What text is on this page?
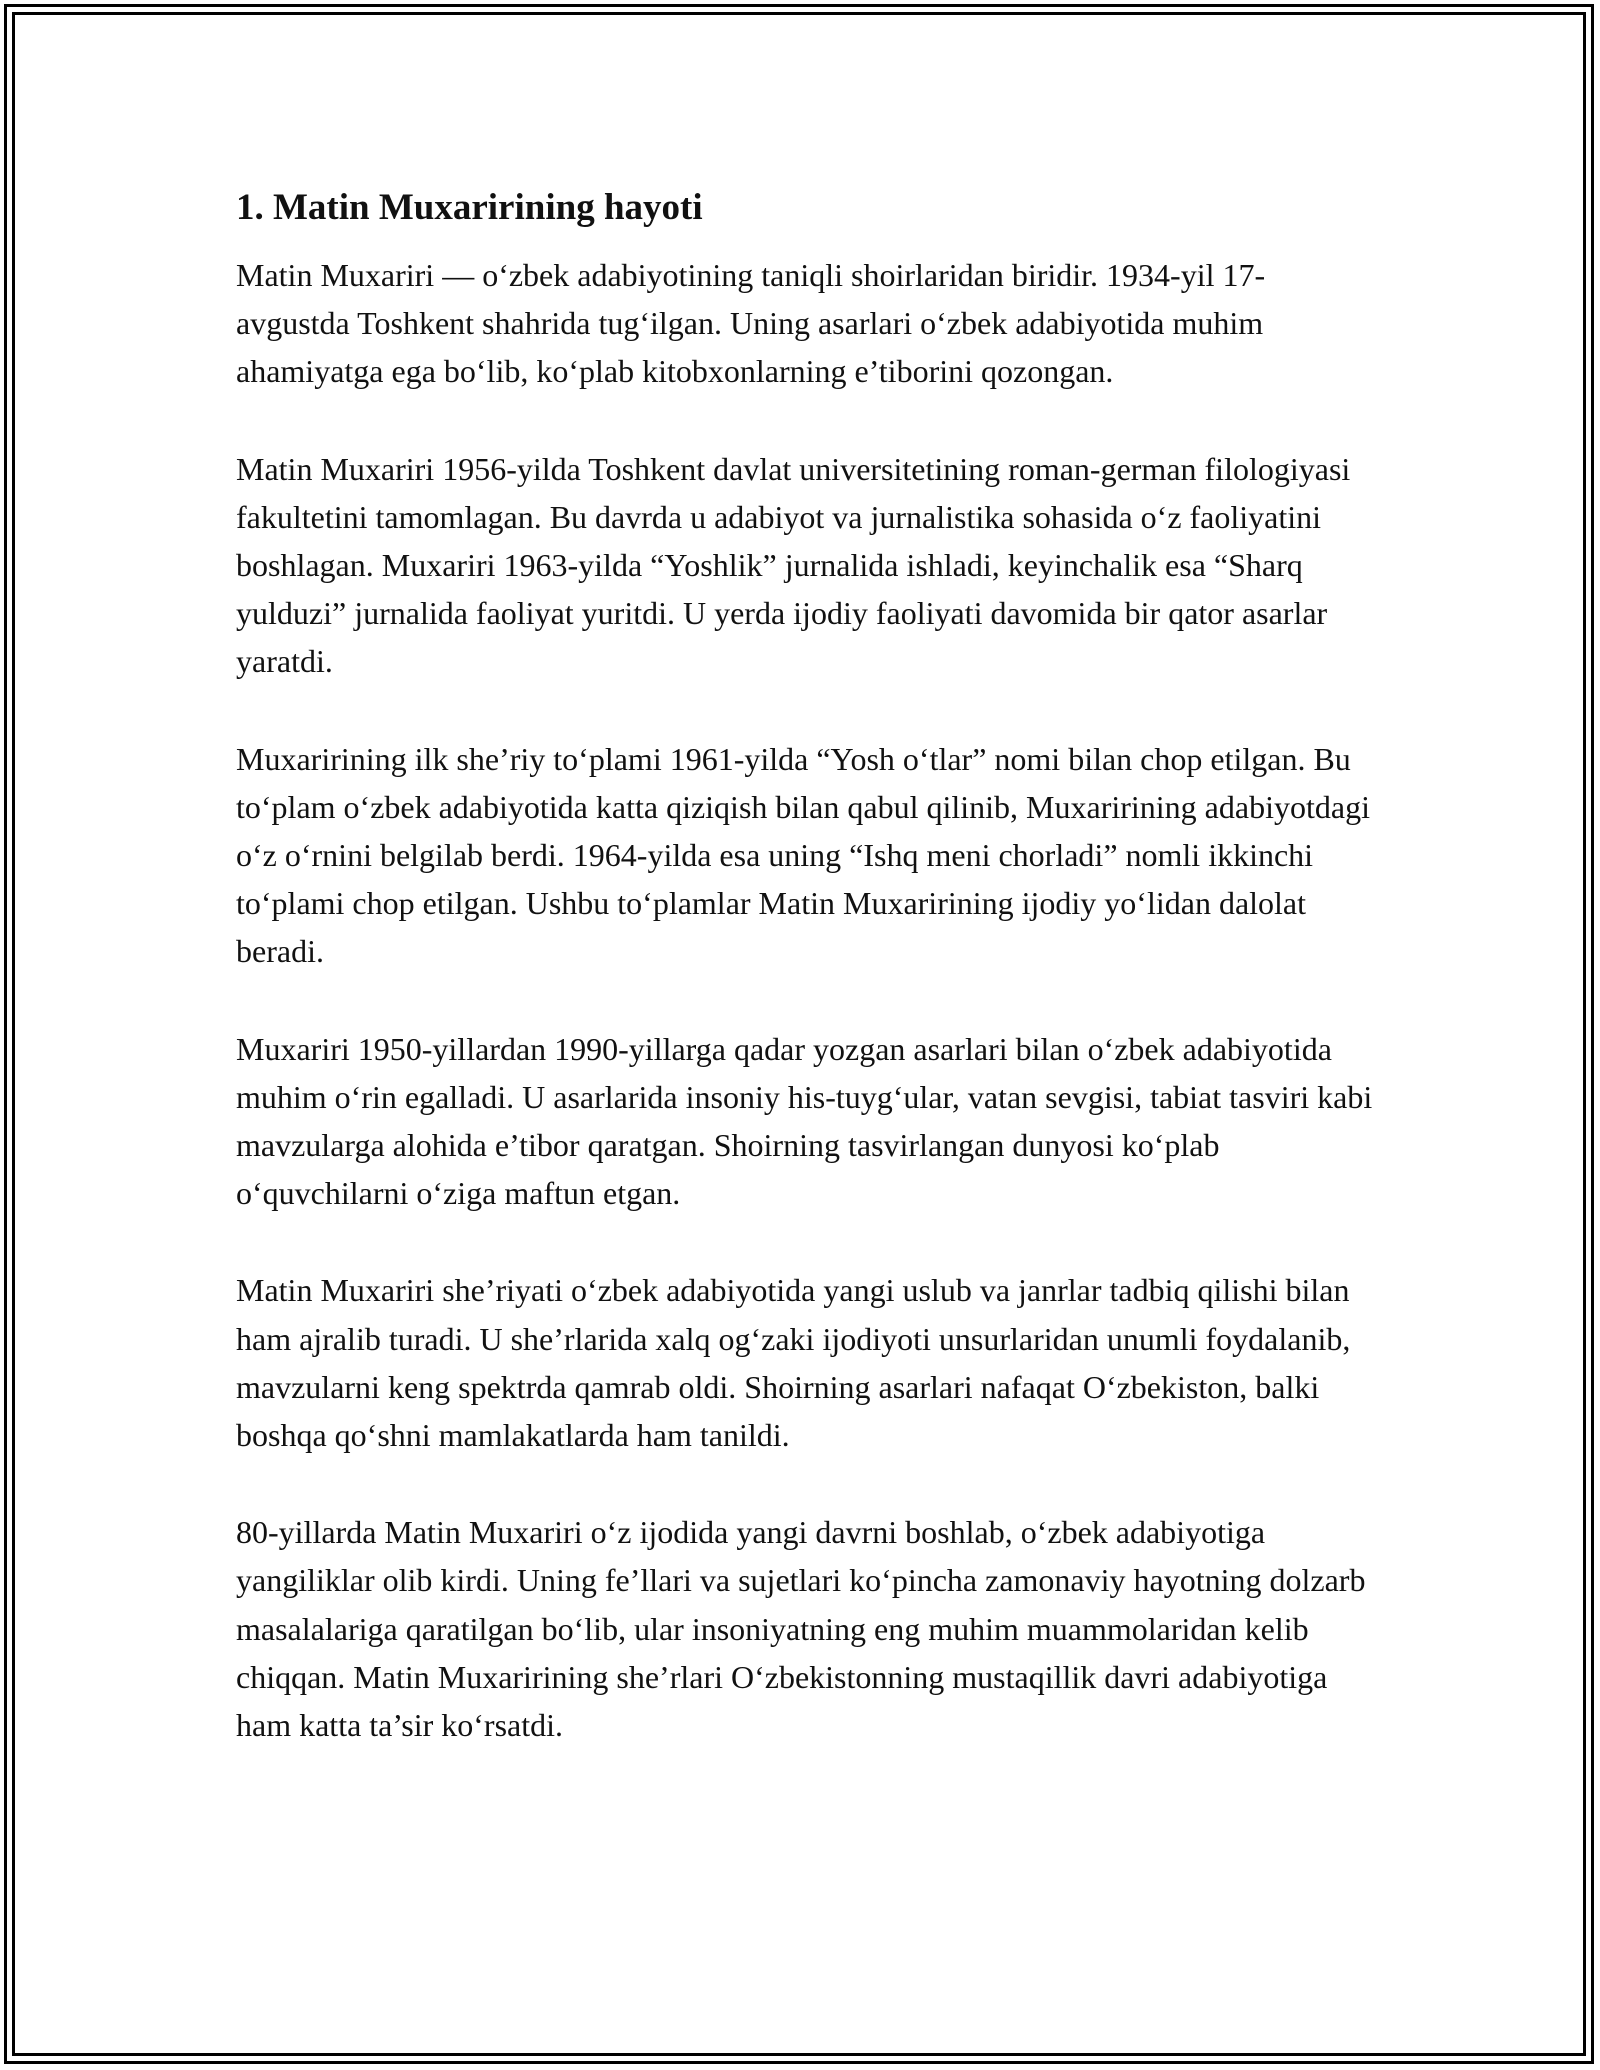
1. Matin Muxaririning hayoti

Matin Muxariri — o‘zbek adabiyotining taniqli shoirlaridan biridir. 1934-yil 17-avgustda Toshkent shahrida tug‘ilgan. Uning asarlari o‘zbek adabiyotida muhim ahamiyatga ega bo‘lib, ko‘plab kitobxonlarning e’tiborini qozongan.

Matin Muxariri 1956-yilda Toshkent davlat universitetining roman-german filologiyasi fakultetini tamomlagan. Bu davrda u adabiyot va jurnalistika sohasida o‘z faoliyatini boshlagan. Muxariri 1963-yilda “Yoshlik” jurnalida ishladi, keyinchalik esa “Sharq yulduzi” jurnalida faoliyat yuritdi. U yerda ijodiy faoliyati davomida bir qator asarlar yaratdi.

Muxaririning ilk she’riy to‘plami 1961-yilda “Yosh o‘tlar” nomi bilan chop etilgan. Bu to‘plam o‘zbek adabiyotida katta qiziqish bilan qabul qilinib, Muxaririning adabiyotdagi o‘z o‘rnini belgilab berdi. 1964-yilda esa uning “Ishq meni chorladi” nomli ikkinchi to‘plami chop etilgan. Ushbu to‘plamlar Matin Muxaririning ijodiy yo‘lidan dalolat beradi.

Muxariri 1950-yillardan 1990-yillarga qadar yozgan asarlari bilan o‘zbek adabiyotida muhim o‘rin egalladi. U asarlarida insoniy his-tuyg‘ular, vatan sevgisi, tabiat tasviri kabi mavzularga alohida e’tibor qaratgan. Shoirning tasvirlangan dunyosi ko‘plab o‘quvchilarni o‘ziga maftun etgan.

Matin Muxariri she’riyati o‘zbek adabiyotida yangi uslub va janrlar tadbiq qilishi bilan ham ajralib turadi. U she’rlarida xalq og‘zaki ijodiyoti unsurlaridan unumli foydalanib, mavzularni keng spektrda qamrab oldi. Shoirning asarlari nafaqat O‘zbekiston, balki boshqa qo‘shni mamlakatlarda ham tanildi.

80-yillarda Matin Muxariri o‘z ijodida yangi davrni boshlab, o‘zbek adabiyotiga yangiliklar olib kirdi. Uning fe’llari va sujetlari ko‘pincha zamonaviy hayotning dolzarb masalalariga qaratilgan bo‘lib, ular insoniyatning eng muhim muammolaridan kelib chiqqan. Matin Muxaririning she’rlari O‘zbekistonning mustaqillik davri adabiyotiga ham katta ta’sir ko‘rsatdi.
